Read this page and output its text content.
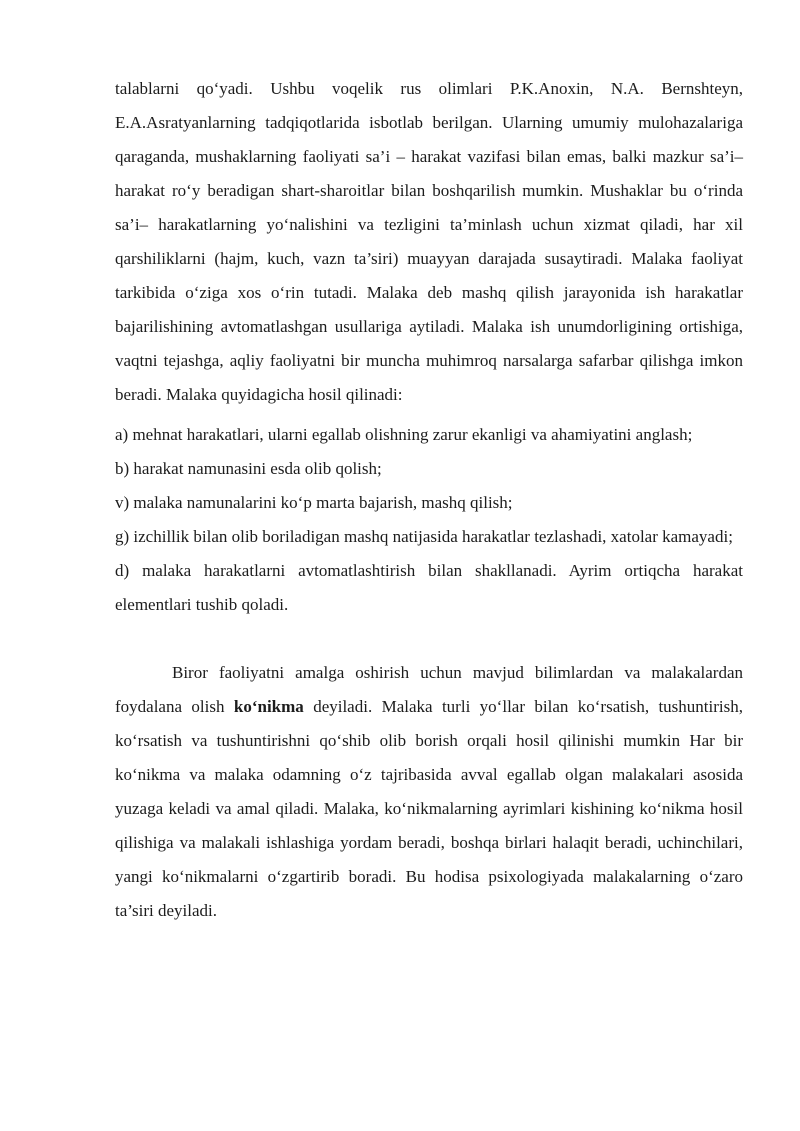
talablarni qo‘yadi. Ushbu voqelik rus olimlari P.K.Anoxin, N.A. Bernshteyn, E.A.Asratyanlarning tadqiqotlarida isbotlab berilgan. Ularning umumiy mulohazalariga qaraganda, mushaklarning faoliyati sa’i – harakat vazifasi bilan emas, balki mazkur sa’i–harakat ro‘y beradigan shart-sharoitlar bilan boshqarilish mumkin. Mushaklar bu o‘rinda sa’i– harakatlarning yo‘nalishini va tezligini ta’minlash uchun xizmat qiladi, har xil qarshiliklarni (hajm, kuch, vazn ta’siri) muayyan darajada susaytiradi. Malaka faoliyat tarkibida o‘ziga xos o‘rin tutadi. Malaka deb mashq qilish jarayonida ish harakatlar bajarilishining avtomatlashgan usullariga aytiladi. Malaka ish unumdorligining ortishiga, vaqtni tejashga, aqliy faoliyatni bir muncha muhimroq narsalarga safarbar qilishga imkon beradi. Malaka quyidagicha hosil qilinadi:

a) mehnat harakatlari, ularni egallab olishning zarur ekanligi va ahamiyatini anglash;

b) harakat namunasini esda olib qolish;

v) malaka namunalarini ko‘p marta bajarish, mashq qilish;

g) izchillik bilan olib boriladigan mashq natijasida harakatlar tezlashadi, xatolar kamayadi;

d) malaka harakatlarni avtomatlashtirish bilan shakllanadi. Ayrim ortiqcha harakat elementlari tushib qoladi.

Biror faoliyatni amalga oshirish uchun mavjud bilimlardan va malakalardan foydalana olish ko‘nikma deyiladi. Malaka turli yo‘llar bilan ko‘rsatish, tushuntirish, ko‘rsatish va tushuntirishni qo‘shib olib borish orqali hosil qilinishi mumkin Har bir ko‘nikma va malaka odamning o‘z tajribasida avval egallab olgan malakalari asosida yuzaga keladi va amal qiladi. Malaka, ko‘nikmalarning ayrimlari kishining ko‘nikma hosil qilishiga va malakali ishlashiga yordam beradi, boshqa birlari halaqit beradi, uchinchilari, yangi ko‘nikmalarni o‘zgartirib boradi. Bu hodisa psixologiyada malakalarning o‘zaro ta’siri deyiladi.
